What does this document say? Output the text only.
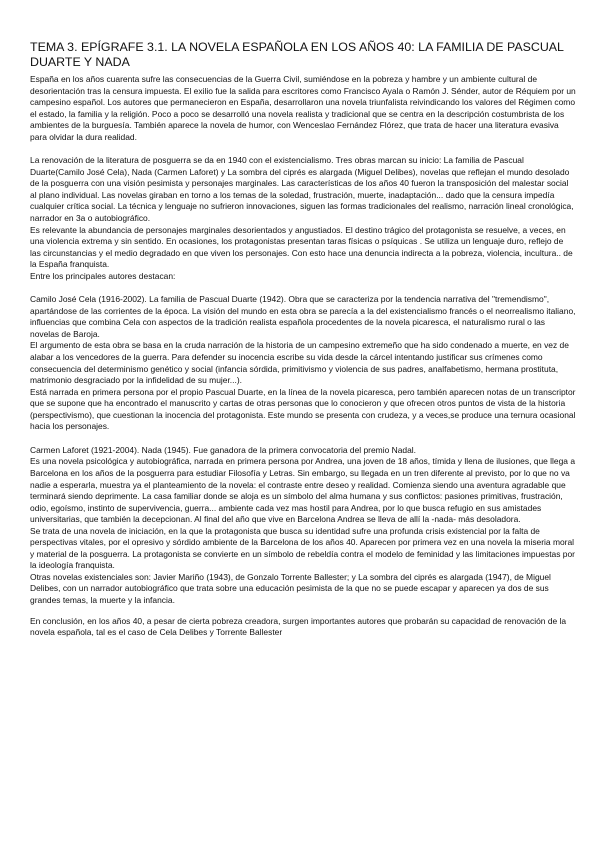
TEMA 3. EPÍGRAFE 3.1. LA NOVELA ESPAÑOLA EN LOS AÑOS 40: LA FAMILIA DE PASCUAL DUARTE Y NADA

España en los años cuarenta sufre las consecuencias de la Guerra Civil, sumiéndose en la pobreza y hambre y un ambiente cultural de desorientación tras la censura impuesta. El exilio fue la salida para escritores como Francisco Ayala o Ramón J. Sénder, autor de Réquiem por un campesino español. Los autores que permanecieron en España, desarrollaron una novela triunfalista reivindicando los valores del Régimen como el estado, la familia y la religión. Poco a poco se desarrolló una novela realista y tradicional que se centra en la descripción costumbrista de los ambientes de la burguesía. También aparece la novela de humor, con Wenceslao Fernández Flórez, que trata de hacer una literatura evasiva para olvidar la dura realidad.

La renovación de la literatura de posguerra se da en 1940 con el existencialismo. Tres obras marcan su inicio: La familia de Pascual Duarte(Camilo José Cela), Nada (Carmen Laforet) y La sombra del ciprés es alargada (Miguel Delibes), novelas que reflejan el mundo desolado de la posguerra con una visión pesimista y personajes marginales. Las características de los años 40 fueron la transposición del malestar social al plano individual. Las novelas giraban en torno a los temas de la soledad, frustración, muerte, inadaptación... dado que la censura impedía cualquier crítica social. La técnica y lenguaje no sufrieron innovaciones, siguen las formas tradicionales del realismo, narración lineal cronológica, narrador en 3a o autobiográfico.

Es relevante la abundancia de personajes marginales desorientados y angustiados. El destino trágico del protagonista se resuelve, a veces, en una violencia extrema y sin sentido. En ocasiones, los protagonistas presentan taras físicas o psíquicas . Se utiliza un lenguaje duro, reflejo de las circunstancias y el medio degradado en que viven los personajes. Con esto hace una denuncia indirecta a la pobreza, violencia, incultura.. de la España franquista.

Entre los principales autores destacan:

Camilo José Cela (1916-2002). La familia de Pascual Duarte (1942). Obra que se caracteriza por la tendencia narrativa del "tremendismo", apartándose de las corrientes de la época. La visión del mundo en esta obra se parecía a la del existencialismo francés o el neorrealismo italiano, influencias que combina Cela con aspectos de la tradición realista española procedentes de la novela picaresca, el naturalismo rural o las novelas de Baroja.

El argumento de esta obra se basa en la cruda narración de la historia de un campesino extremeño que ha sido condenado a muerte, en vez de alabar a los vencedores de la guerra. Para defender su inocencia escribe su vida desde la cárcel intentando justificar sus crímenes como consecuencia del determinismo genético y social (infancia sórdida, primitivismo y violencia de sus padres, analfabetismo, hermana prostituta, matrimonio desgraciado por la infidelidad de su mujer...).

Está narrada en primera persona por el propio Pascual Duarte, en la línea de la novela picaresca, pero también aparecen notas de un transcriptor que se supone que ha encontrado el manuscrito y cartas de otras personas que lo conocieron y que ofrecen otros puntos de vista de la historia (perspectivismo), que cuestionan la inocencia del protagonista. Este mundo se presenta con crudeza, y a veces,se produce una ternura ocasional hacia los personajes.

Carmen Laforet (1921-2004). Nada (1945). Fue ganadora de la primera convocatoria del premio Nadal.

Es una novela psicológica y autobiográfica, narrada en primera persona por Andrea, una joven de 18 años, tímida y llena de ilusiones, que llega a Barcelona en los años de la posguerra para estudiar Filosofía y Letras. Sin embargo, su llegada en un tren diferente al previsto, por lo que no va nadie a esperarla, muestra ya el planteamiento de la novela: el contraste entre deseo y realidad. Comienza siendo una aventura agradable que terminará siendo deprimente. La casa familiar donde se aloja es un símbolo del alma humana y sus conflictos: pasiones primitivas, frustración, odio, egoísmo, instinto de supervivencia, guerra... ambiente cada vez mas hostil para Andrea, por lo que busca refugio en sus amistades universitarias, que también la decepcionan. Al final del año que vive en Barcelona Andrea se lleva de allí la -nada- más desoladora.

Se trata de una novela de iniciación, en la que la protagonista que busca su identidad sufre una profunda crisis existencial por la falta de perspectivas vitales, por el opresivo y sórdido ambiente de la Barcelona de los años 40. Aparecen por primera vez en una novela la miseria moral y material de la posguerra. La protagonista se convierte en un símbolo de rebeldía contra el modelo de feminidad y las limitaciones impuestas por la ideología franquista.

Otras novelas existenciales son: Javier Mariño (1943), de Gonzalo Torrente Ballester; y La sombra del ciprés es alargada (1947), de Miguel Delibes, con un narrador autobiográfico que trata sobre una educación pesimista de la que no se puede escapar y aparecen ya dos de sus grandes temas, la muerte y la infancia.

En conclusión, en los años 40, a pesar de cierta pobreza creadora, surgen importantes autores que probarán su capacidad de renovación de la novela española, tal es el caso de Cela Delibes y Torrente Ballester
